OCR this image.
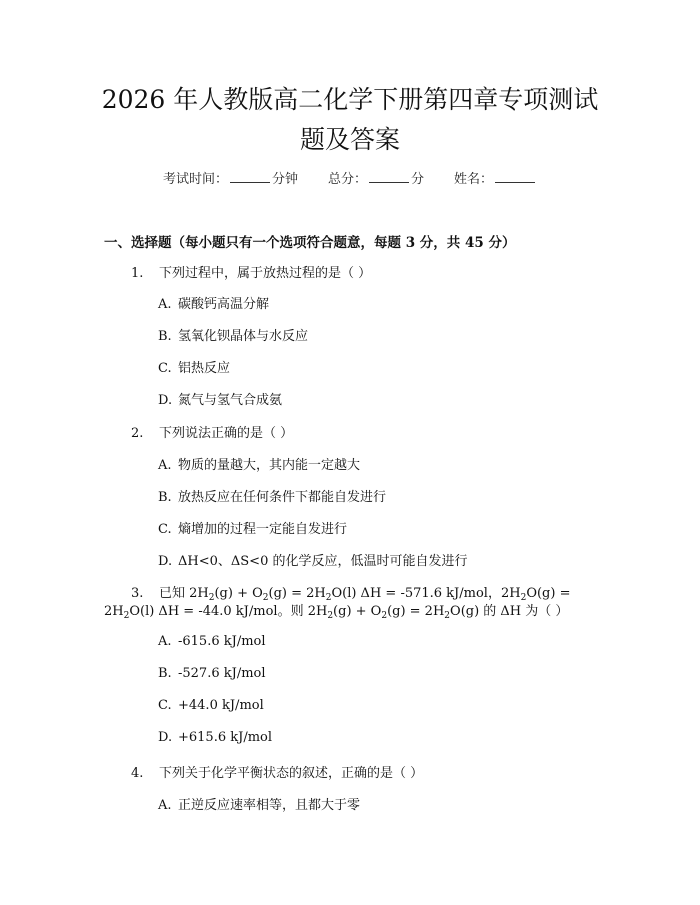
2026 年人教版高二化学下册第四章专项测试
题及答案
考试时间：	分钟 总分：	分 姓名：
一、选择题（每小题只有一个选项符合题意，每题 3 分，共 45 分）
1. 下列过程中，属于放热过程的是（ ）
A. 碳酸钙高温分解
B. 氢氧化钡晶体与水反应
C. 铝热反应
D. 氮气与氢气合成氨
2. 下列说法正确的是（ ）
A. 物质的量越大，其内能一定越大
B. 放热反应在任何条件下都能自发进行
C. 熵增加的过程一定能自发进行
D. ΔH<0、ΔS<0 的化学反应，低温时可能自发进行
3. 已知 $2H_2(g) + O_2(g) = 2H_2O(l) \Delta H = -571.6$ kJ/mol，$2H_2O(g)$ =
$2H_2O(l) \Delta H = -44.0$ kJ/mol。则 $2H_2(g) + O_2(g) = 2H_2O(g)$ 的 ΔH 为（ ）
A. -615.6 kJ/mol
B. -527.6 kJ/mol
C. +44.0 kJ/mol
D. +615.6 kJ/mol
4. 下列关于化学平衡状态的叙述，正确的是（ ）
A. 正逆反应速率相等，且都大于零
